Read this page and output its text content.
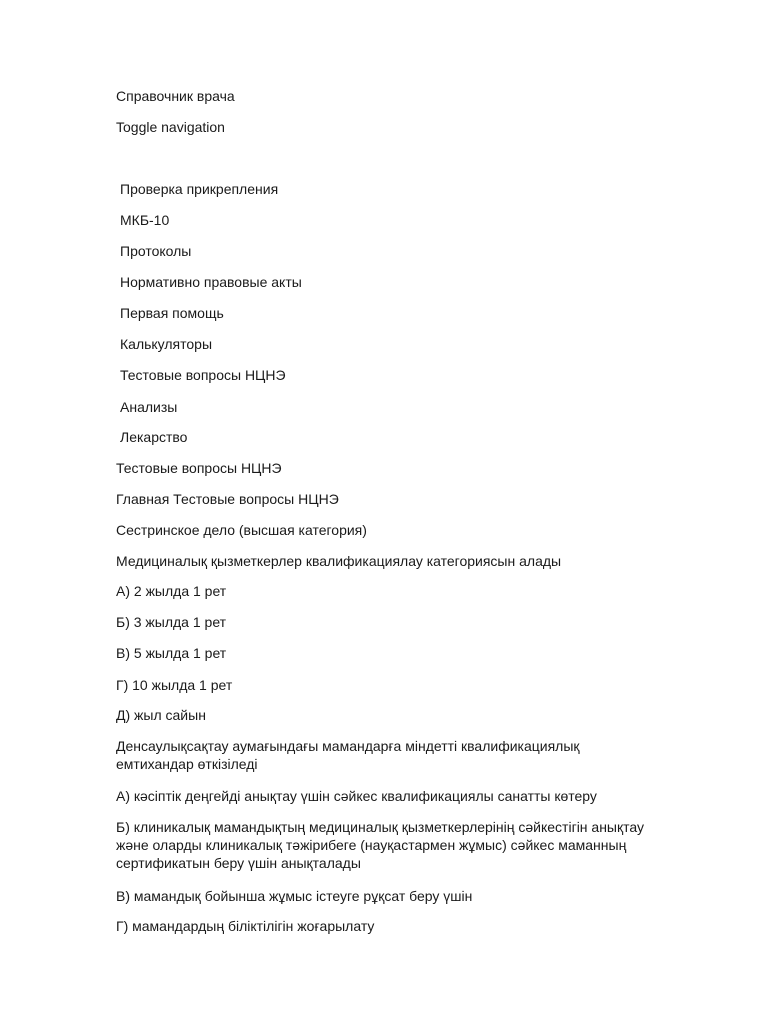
Справочник врача
Toggle navigation
Проверка прикрепления
МКБ-10
Протоколы
Нормативно правовые акты
Первая помощь
Калькуляторы
Тестовые вопросы НЦНЭ
Анализы
Лекарство
Тестовые вопросы НЦНЭ
Главная Тестовые вопросы НЦНЭ
Сестринское дело (высшая категория)
Медициналық қызметкерлер квалификациялау категориясын алады
А) 2 жылда 1 рет
Б) 3 жылда 1 рет
В) 5 жылда 1 рет
Г) 10 жылда 1 рет
Д) жыл сайын
Денсаулықсақтау аумағындағы мамандарға міндетті квалификациялық емтихандар өткізіледі
А) кәсіптік деңгейді анықтау үшін сәйкес квалификациялы санатты көтеру
Б) клиникалық мамандықтың медициналық қызметкерлерінің сәйкестігін анықтау және оларды клиникалық тәжірибеге (науқастармен жұмыс) сәйкес маманның сертификатын беру үшін анықталады
В) мамандық бойынша жұмыс істеуге рұқсат беру үшін
Г) мамандардың біліктілігін жоғарылату
